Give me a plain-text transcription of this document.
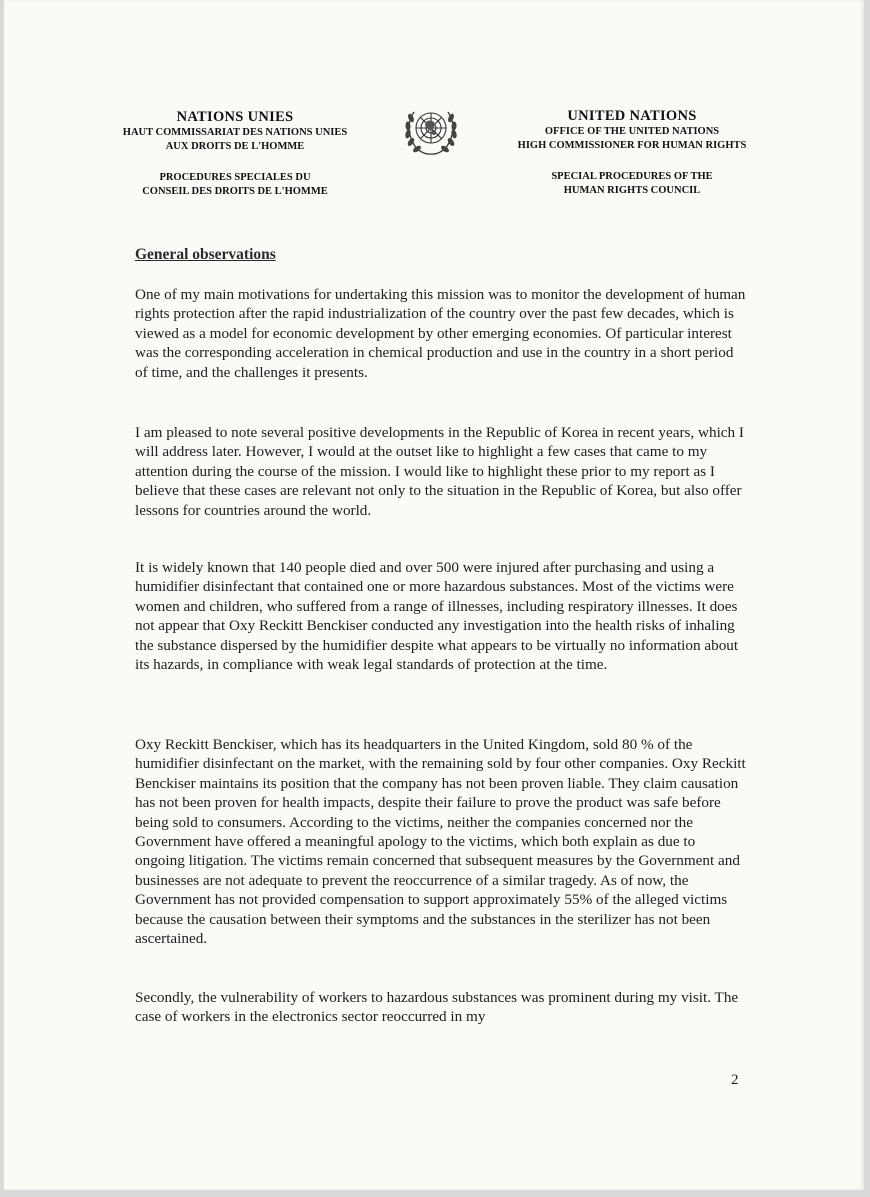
NATIONS UNIES
HAUT COMMISSARIAT DES NATIONS UNIES
AUX DROITS DE L'HOMME
PROCEDURES SPECIALES DU
CONSEIL DES DROITS DE L'HOMME
UNITED NATIONS
OFFICE OF THE UNITED NATIONS
HIGH COMMISSIONER FOR HUMAN RIGHTS
SPECIAL PROCEDURES OF THE
HUMAN RIGHTS COUNCIL
General observations

One of my main motivations for undertaking this mission was to monitor the development of human rights protection after the rapid industrialization of the country over the past few decades, which is viewed as a model for economic development by other emerging economies. Of particular interest was the corresponding acceleration in chemical production and use in the country in a short period of time, and the challenges it presents.

I am pleased to note several positive developments in the Republic of Korea in recent years, which I will address later. However, I would at the outset like to highlight a few cases that came to my attention during the course of the mission. I would like to highlight these prior to my report as I believe that these cases are relevant not only to the situation in the Republic of Korea, but also offer lessons for countries around the world.

It is widely known that 140 people died and over 500 were injured after purchasing and using a humidifier disinfectant that contained one or more hazardous substances. Most of the victims were women and children, who suffered from a range of illnesses, including respiratory illnesses. It does not appear that Oxy Reckitt Benckiser conducted any investigation into the health risks of inhaling the substance dispersed by the humidifier despite what appears to be virtually no information about its hazards, in compliance with weak legal standards of protection at the time.

Oxy Reckitt Benckiser, which has its headquarters in the United Kingdom, sold 80 % of the humidifier disinfectant on the market, with the remaining sold by four other companies. Oxy Reckitt Benckiser maintains its position that the company has not been proven liable. They claim causation has not been proven for health impacts, despite their failure to prove the product was safe before being sold to consumers. According to the victims, neither the companies concerned nor the Government have offered a meaningful apology to the victims, which both explain as due to ongoing litigation. The victims remain concerned that subsequent measures by the Government and businesses are not adequate to prevent the reoccurrence of a similar tragedy. As of now, the Government has not provided compensation to support approximately 55% of the alleged victims because the causation between their symptoms and the substances in the sterilizer has not been ascertained.

Secondly, the vulnerability of workers to hazardous substances was prominent during my visit. The case of workers in the electronics sector reoccurred in my

2
